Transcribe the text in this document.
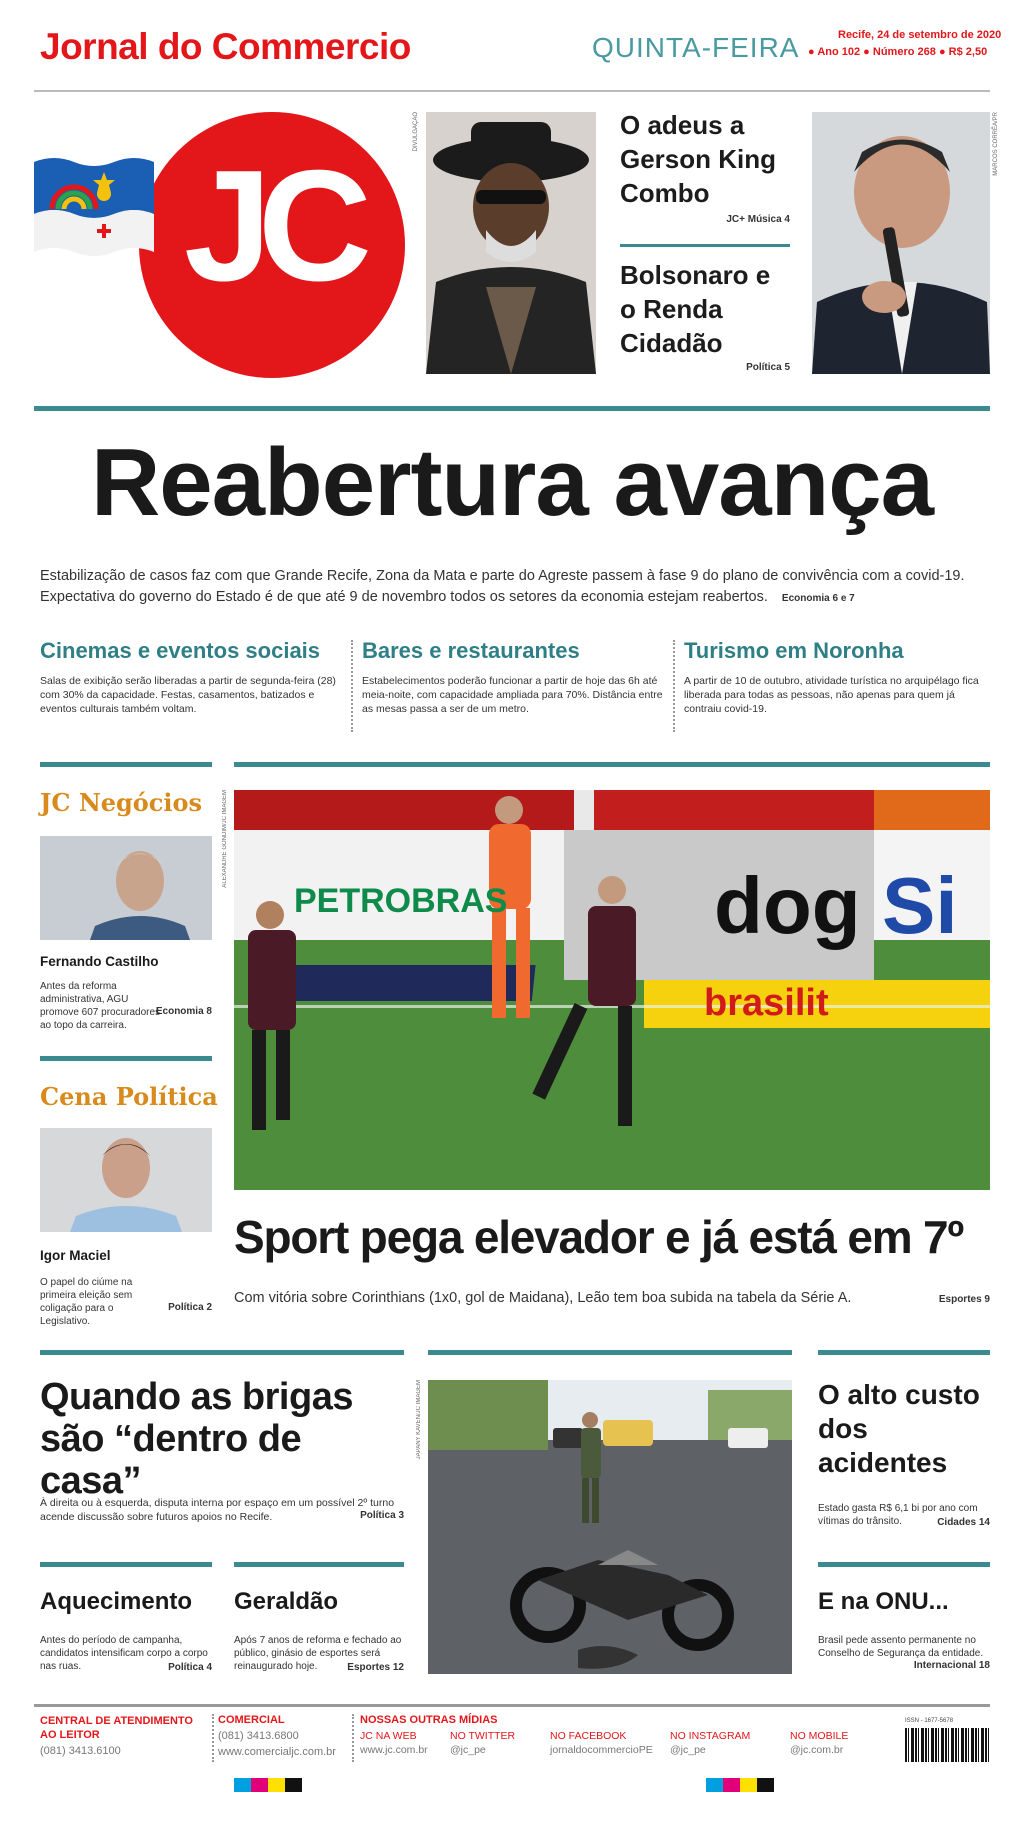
Jornal do Commercio	QUINTA-FEIRA	Recife, 24 de setembro de 2020
● Ano 102 ● Número 268 ● R$ 2,50
JC
DIVULGAÇÃO	O adeus a Gerson King Combo
JC+ Música 4
Bolsonaro e o Renda Cidadão
Política 5
MARCOS CORRÊA/PR
Reabertura avança
Estabilização de casos faz com que Grande Recife, Zona da Mata e parte do Agreste passem à fase 9 do plano de convivência com a covid-19. Expectativa do governo do Estado é de que até 9 de novembro todos os setores da economia estejam reabertos. Economia 6 e 7
Cinemas e eventos sociais
Salas de exibição serão liberadas a partir de segunda-feira (28) com 30% da capacidade. Festas, casamentos, batizados e eventos culturais também voltam.
Bares e restaurantes
Estabelecimentos poderão funcionar a partir de hoje das 6h até meia-noite, com capacidade ampliada para 70%. Distância entre as mesas passa a ser de um metro.
Turismo em Noronha
A partir de 10 de outubro, atividade turística no arquipélago fica liberada para todas as pessoas, não apenas para quem já contraiu covid-19.
JC Negócios
Fernando Castilho
Antes da reforma administrativa, AGU promove 607 procuradores ao topo da carreira.
Economia 8
Cena Política
Igor Maciel
O papel do ciúme na primeira eleição sem coligação para o Legislativo.
Política 2
ALEXANDRE GONDIM/JC IMAGEM
PETROBRAS	dog Si
brasilit
Sport pega elevador e já está em 7º
Com vitória sobre Corinthians (1x0, gol de Maidana), Leão tem boa subida na tabela da Série A.	Esportes 9
Quando as brigas são “dentro de casa”
À direita ou à esquerda, disputa interna por espaço em um possível 2º turno acende discussão sobre futuros apoios no Recife.	Política 3
JAPANY KAVEN/JC IMAGEM	O alto custo dos acidentes
Estado gasta R$ 6,1 bi por ano com vítimas do trânsito.	Cidades 14
Aquecimento
Antes do período de campanha, candidatos intensificam corpo a corpo nas ruas.	Política 4
Geraldão
Após 7 anos de reforma e fechado ao público, ginásio de esportes será reinaugurado hoje.	Esportes 12
E na ONU...
Brasil pede assento permanente no Conselho de Segurança da entidade.
Internacional 18
CENTRAL DE ATENDIMENTO AO LEITOR
(081) 3413.6100
COMERCIAL
(081) 3413.6800
www.comercialjc.com.br
NOSSAS OUTRAS MÍDIAS
JC NA WEB
www.jc.com.br
NO TWITTER
@jc_pe
NO FACEBOOK
jornaldocommercioPE
NO INSTAGRAM
@jc_pe
NO MOBILE
@jc.com.br
ISSN - 1677-5678
